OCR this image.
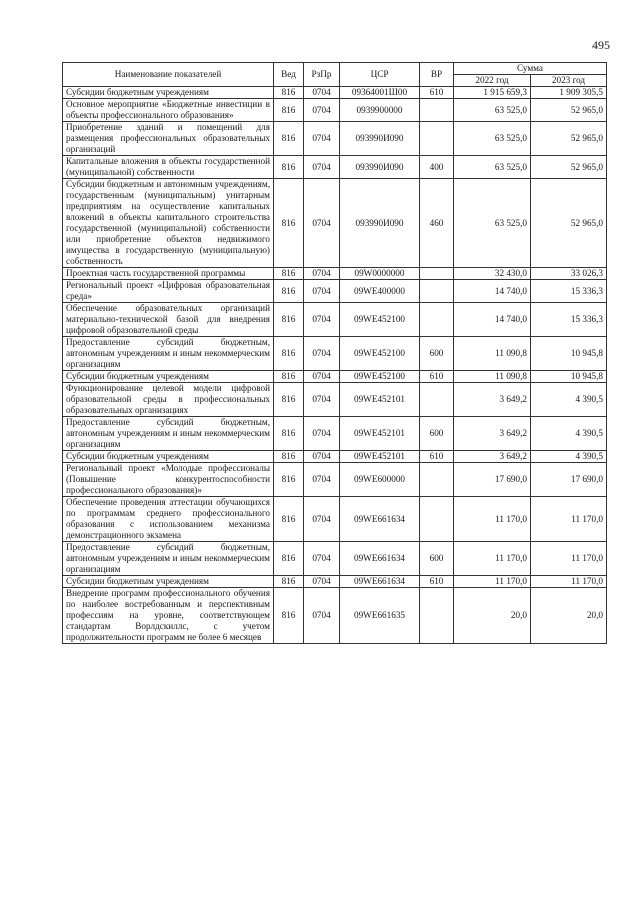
495
Наименование показателей	Вед	РзПр	ЦСР	ВР	Сумма	
					2022 год	2023 год
Субсидии бюджетным учреждениям	816	0704	09364001Ш00	610	1 915 659,3	1 909 305,5
Основное мероприятие «Бюджетные инвестиции в объекты профессионального образования»	816	0704	0939900000		63 525,0	52 965,0
Приобретение зданий и помещений для размещения профессиональных образовательных организаций	816	0704	093990И090		63 525,0	52 965,0
Капитальные вложения в объекты государственной (муниципальной) собственности	816	0704	093990И090	400	63 525,0	52 965,0
Субсидии бюджетным и автономным учреждениям, государственным (муниципальным) унитарным предприятиям на осуществление капитальных вложений в объекты капитального строительства государственной (муниципальной) собственности или приобретение объектов недвижимого имущества в государственную (муниципальную) собственность	816	0704	093990И090	460	63 525,0	52 965,0
Проектная часть государственной программы	816	0704	09W0000000		32 430,0	33 026,3
Региональный проект «Цифровая образовательная среда»	816	0704	09WE400000		14 740,0	15 336,3
Обеспечение образовательных организаций материально-технической базой для внедрения цифровой образовательной среды	816	0704	09WE452100		14 740,0	15 336,3
Предоставление субсидий бюджетным, автономным учреждениям и иным некоммерческим организациям	816	0704	09WE452100	600	11 090,8	10 945,8
Субсидии бюджетным учреждениям	816	0704	09WE452100	610	11 090,8	10 945,8
Функционирование целевой модели цифровой образовательной среды в профессиональных образовательных организациях	816	0704	09WE452101		3 649,2	4 390,5
Предоставление субсидий бюджетным, автономным учреждениям и иным некоммерческим организациям	816	0704	09WE452101	600	3 649,2	4 390,5
Субсидии бюджетным учреждениям	816	0704	09WE452101	610	3 649,2	4 390,5
Региональный проект «Молодые профессионалы (Повышение конкурентоспособности профессионального образования)»	816	0704	09WE600000		17 690,0	17 690,0
Обеспечение проведения аттестации обучающихся по программам среднего профессионального образования с использованием механизма демонстрационного экзамена	816	0704	09WE661634		11 170,0	11 170,0
Предоставление субсидий бюджетным, автономным учреждениям и иным некоммерческим организациям	816	0704	09WE661634	600	11 170,0	11 170,0
Субсидии бюджетным учреждениям	816	0704	09WE661634	610	11 170,0	11 170,0
Внедрение программ профессионального обучения по наиболее востребованным и перспективным профессиям на уровне, соответствующем стандартам Ворлдскиллс, с учетом продолжительности программ не более 6 месяцев	816	0704	09WE661635		20,0	20,0
